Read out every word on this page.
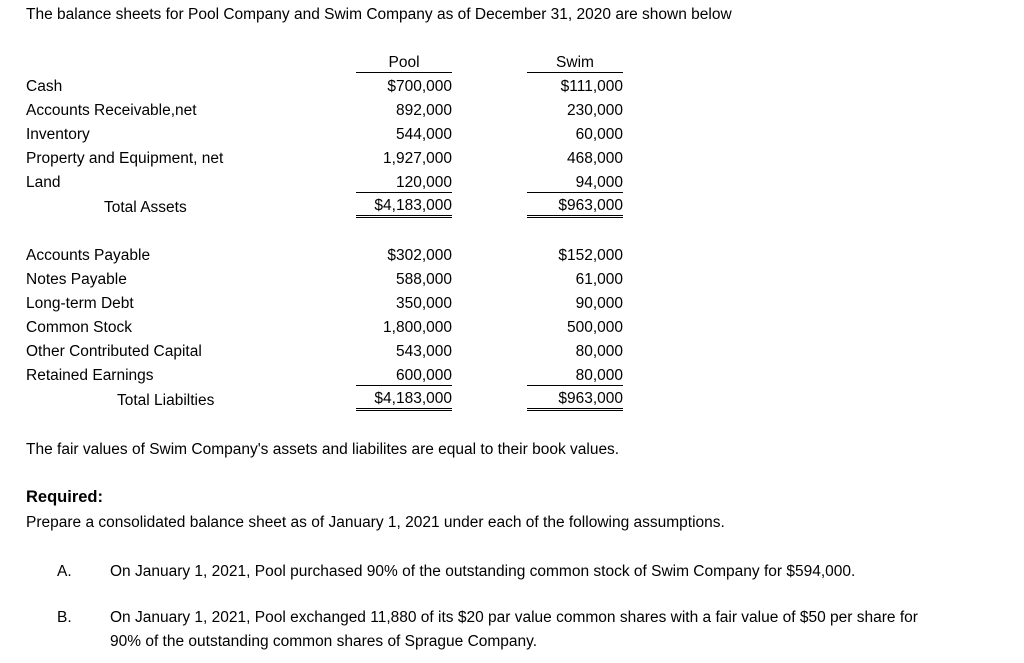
The balance sheets for Pool Company and Swim Company as of December 31, 2020 are shown below
Pool	Swim
Cash	$700,000	$111,000
Accounts Receivable,net	892,000	230,000
Inventory	544,000	60,000
Property and Equipment, net	1,927,000	468,000
Land	120,000	94,000
Total Assets	$4,183,000	$963,000
Accounts Payable	$302,000	$152,000
Notes Payable	588,000	61,000
Long-term Debt	350,000	90,000
Common Stock	1,800,000	500,000
Other Contributed Capital	543,000	80,000
Retained Earnings	600,000	80,000
Total Liabilties	$4,183,000	$963,000
The fair values of Swim Company's assets and liabilites are equal to their book values.
Required:
Prepare a consolidated balance sheet as of January 1, 2021 under each of the following assumptions.
A. On January 1, 2021, Pool purchased 90% of the outstanding common stock of Swim Company for $594,000.
B. On January 1, 2021, Pool exchanged 11,880 of its $20 par value common shares with a fair value of $50 per share for
90% of the outstanding common shares of Sprague Company.
